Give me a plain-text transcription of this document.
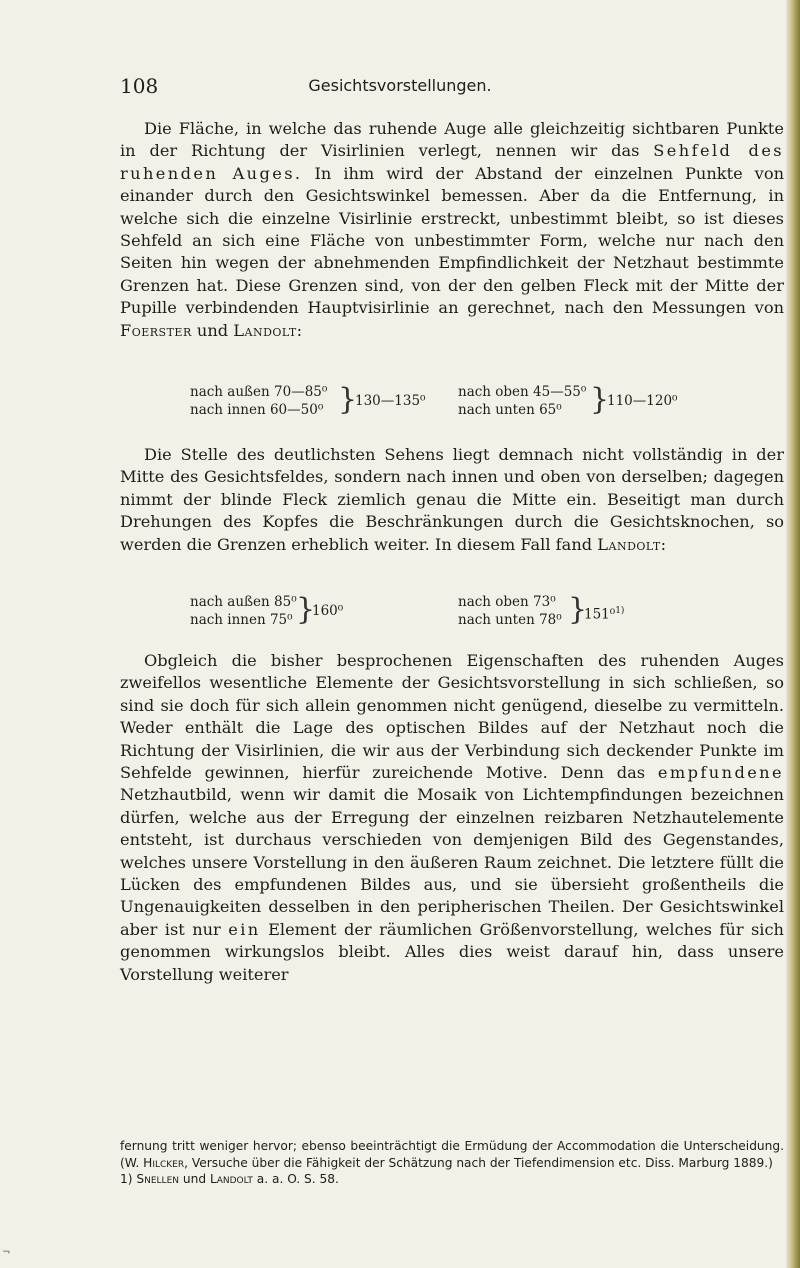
108	Gesichtsvorstellungen.

Die Fläche, in welche das ruhende Auge alle gleichzeitig sichtbaren Punkte in der Richtung der Visirlinien verlegt, nennen wir das Sehfeld des ruhenden Auges. In ihm wird der Abstand der einzelnen Punkte von einander durch den Gesichtswinkel bemessen. Aber da die Entfernung, in welche sich die einzelne Visirlinie erstreckt, unbestimmt bleibt, so ist dieses Sehfeld an sich eine Fläche von unbestimmter Form, welche nur nach den Seiten hin wegen der abnehmenden Empfindlichkeit der Netzhaut bestimmte Grenzen hat. Diese Grenzen sind, von der den gelben Fleck mit der Mitte der Pupille verbindenden Hauptvisirlinie an gerechnet, nach den Messungen von Foerster und Landolt:

nach außen 70—85⁰
nach innen 60—50⁰ }
130—135⁰
nach oben 45—55⁰
nach unten 65⁰ }
110—120⁰

Die Stelle des deutlichsten Sehens liegt demnach nicht vollständig in der Mitte des Gesichtsfeldes, sondern nach innen und oben von derselben; dagegen nimmt der blinde Fleck ziemlich genau die Mitte ein. Beseitigt man durch Drehungen des Kopfes die Beschränkungen durch die Gesichtsknochen, so werden die Grenzen erheblich weiter. In diesem Fall fand Landolt:

nach außen 85⁰
nach innen 75⁰ }
160⁰
nach oben 73⁰
nach unten 78⁰ }
151⁰$^{1)}$

Obgleich die bisher besprochenen Eigenschaften des ruhenden Auges zweifellos wesentliche Elemente der Gesichtsvorstellung in sich schließen, so sind sie doch für sich allein genommen nicht genügend, dieselbe zu vermitteln. Weder enthält die Lage des optischen Bildes auf der Netzhaut noch die Richtung der Visirlinien, die wir aus der Verbindung sich deckender Punkte im Sehfelde gewinnen, hierfür zureichende Motive. Denn das empfundene Netzhautbild, wenn wir damit die Mosaik von Lichtempfindungen bezeichnen dürfen, welche aus der Erregung der einzelnen reizbaren Netzhautelemente entsteht, ist durchaus verschieden von demjenigen Bild des Gegenstandes, welches unsere Vorstellung in den äußeren Raum zeichnet. Die letztere füllt die Lücken des empfundenen Bildes aus, und sie übersieht großentheils die Ungenauigkeiten desselben in den peripherischen Theilen. Der Gesichtswinkel aber ist nur ein Element der räumlichen Größenvorstellung, welches für sich genommen wirkungslos bleibt. Alles dies weist darauf hin, dass unsere Vorstellung weiterer

fernung tritt weniger hervor; ebenso beeinträchtigt die Ermüdung der Accommodation die Unterscheidung. (W. Hilcker, Versuche über die Fähigkeit der Schätzung nach der Tiefendimension etc. Diss. Marburg 1889.)
1) Snellen und Landolt a. a. O. S. 58.

¬
